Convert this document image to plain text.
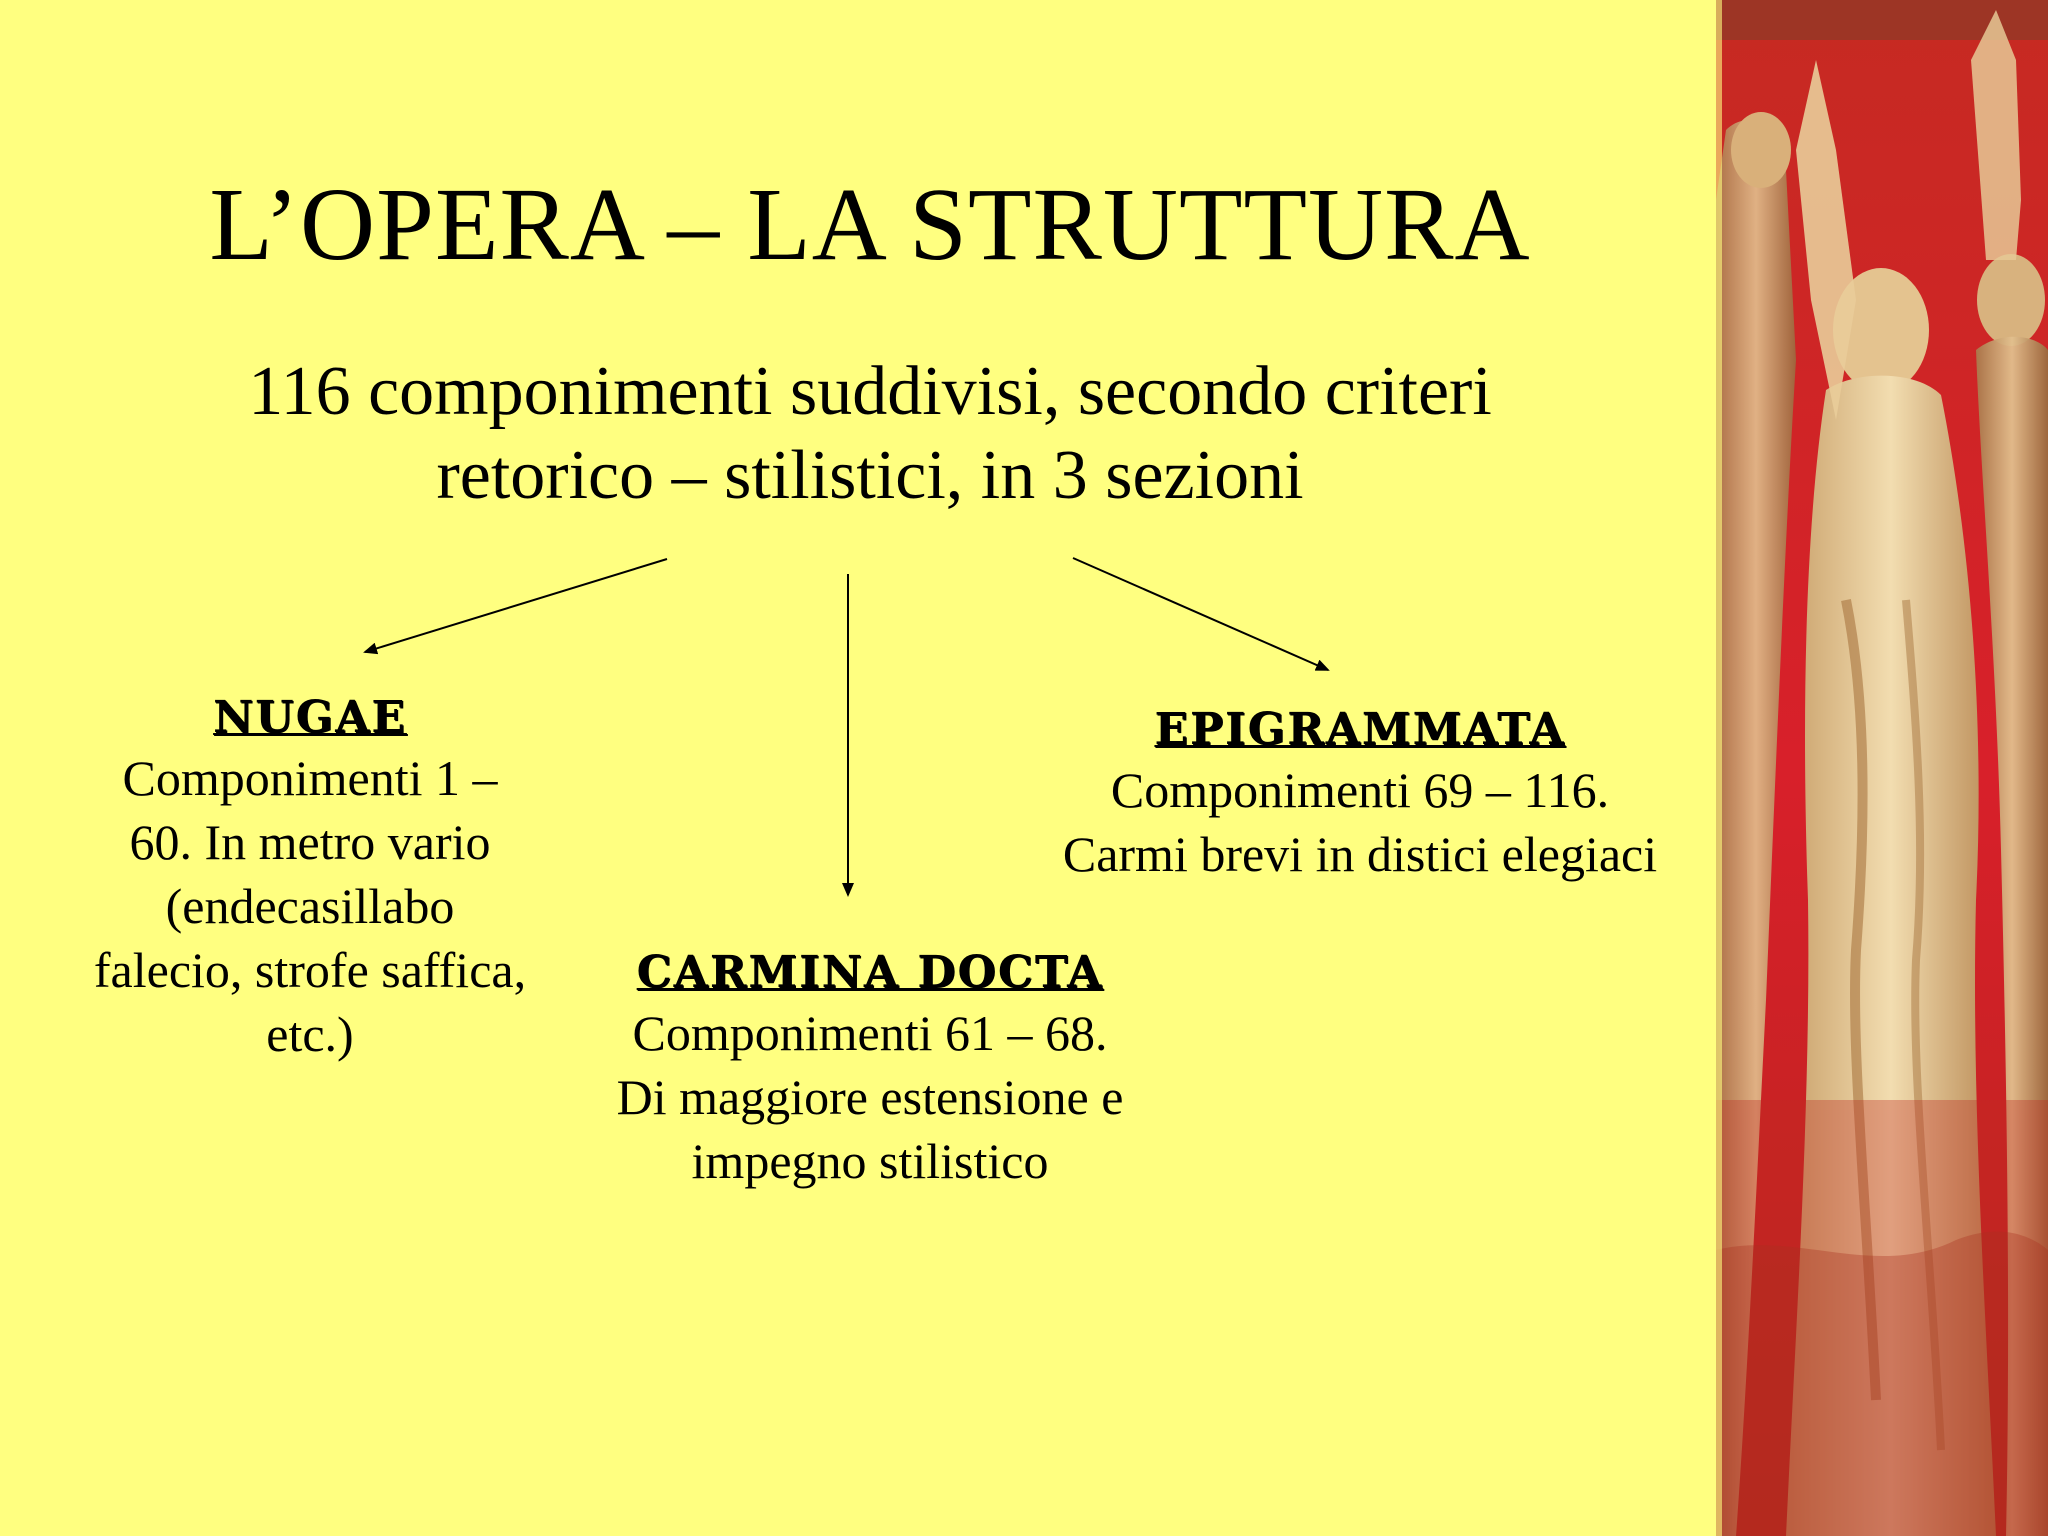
L’OPERA – LA STRUTTURA
116 componimenti suddivisi, secondo criteri
retorico – stilistici, in 3 sezioni
NUGAE
Componimenti 1 –
60. In metro vario
(endecasillabo
falecio, strofe saffica,
etc.)
CARMINA DOCTA
Componimenti 61 – 68.
Di maggiore estensione e
impegno stilistico
EPIGRAMMATA
Componimenti 69 – 116.
Carmi brevi in distici elegiaci
